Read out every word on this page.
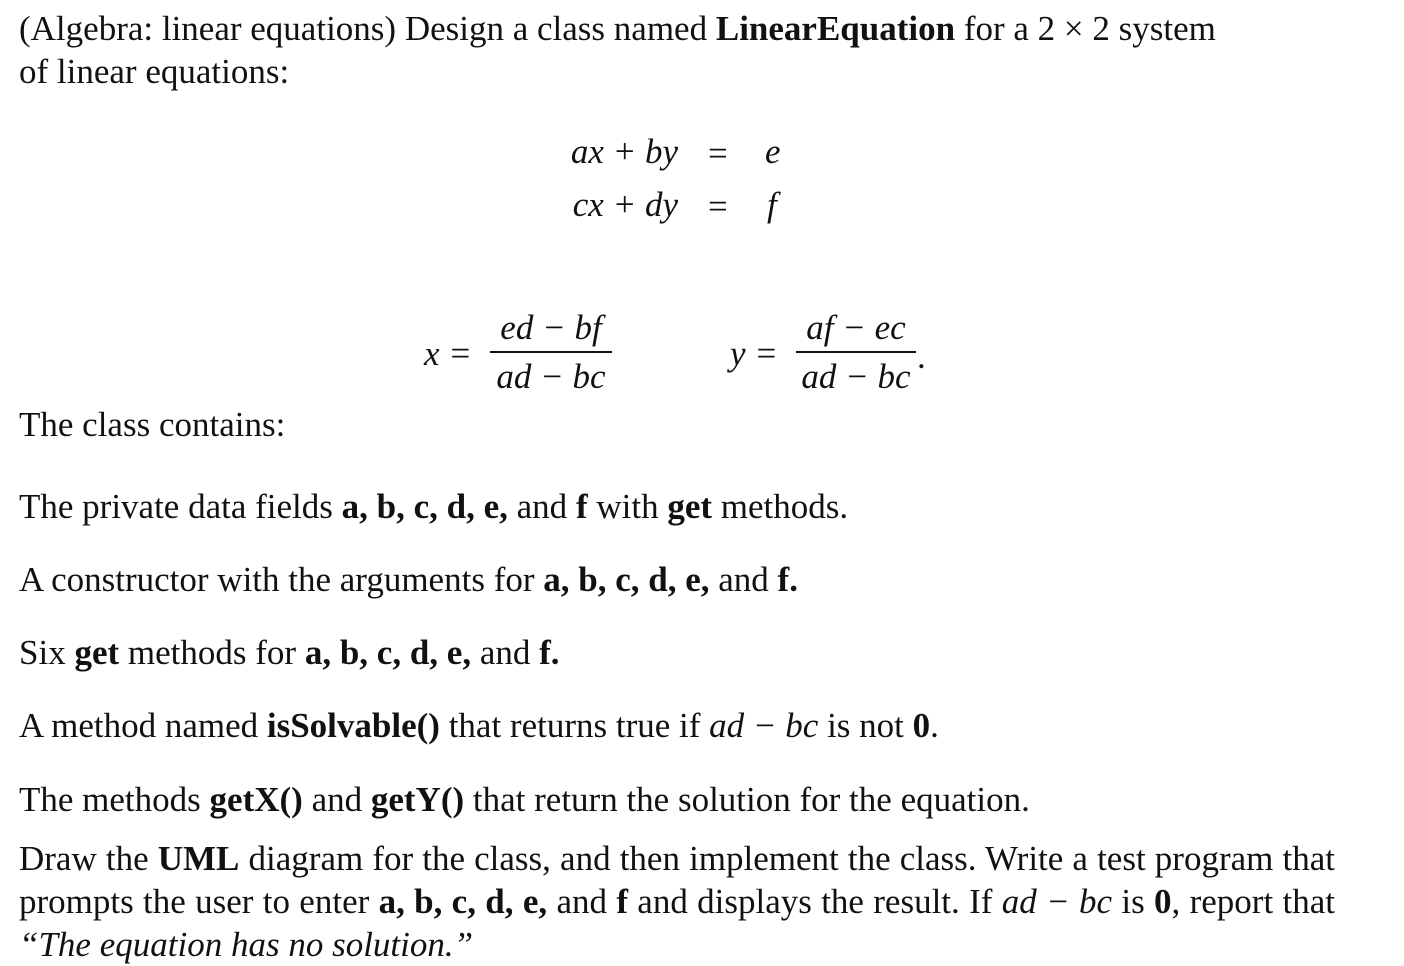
(Algebra: linear equations) Design a class named LinearEquation for a 2 × 2 system
of linear equations:
ax + by = e
cx + dy = f
$x = \frac{ed - bf}{ad - bc}$	$y = \frac{af - ec}{ad - bc}$ .
The class contains:
The private data fields a, b, c, d, e, and f with get methods.
A constructor with the arguments for a, b, c, d, e, and f.
Six get methods for a, b, c, d, e, and f.
A method named isSolvable() that returns true if ad − bc is not 0.
The methods getX() and getY() that return the solution for the equation.
Draw the UML diagram for the class, and then implement the class. Write a test program that prompts the user to enter a, b, c, d, e, and f and displays the result. If ad − bc is 0, report that “The equation has no solution.”
